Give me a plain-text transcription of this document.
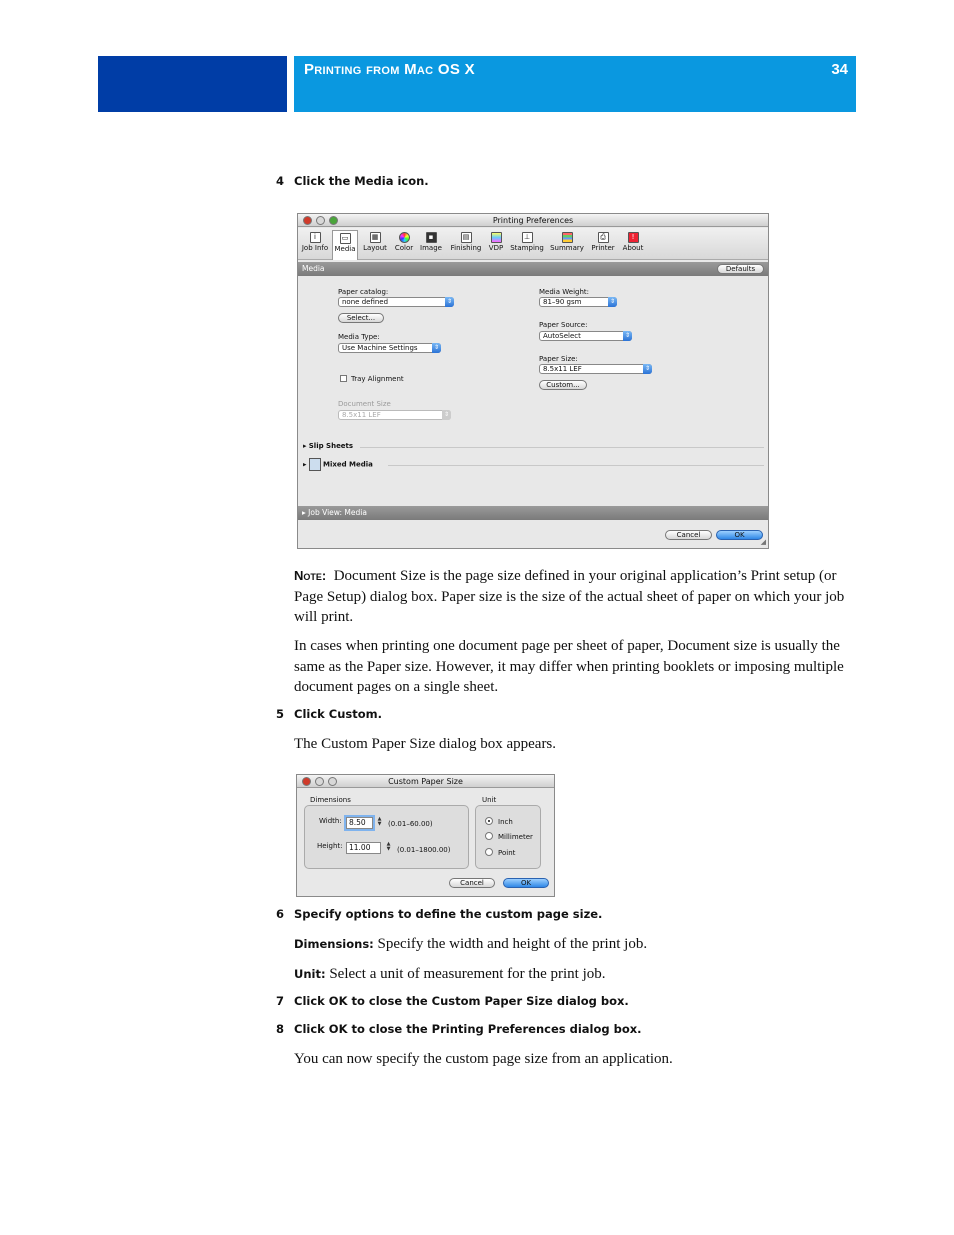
Printing from Mac OS X	34
4 Click the Media icon.
Printing Preferences
i
Job Info
▭
Media
▦
Layout	Color
▪
Image
▤
Finishing	VDP
⊥
Stamping Summary
⎙
Printer
!
About
Media	Defaults
Paper catalog:
none defined	⇕
Select...
Media Type:
Use Machine Settings	⇕
Tray Alignment
Document Size
8.5x11 LEF	⇕
Media Weight:
81–90 gsm	⇕
Paper Source:
AutoSelect	⇕
Paper Size:
8.5x11 LEF	⇕
Custom...
▸ Slip Sheets
▸  Mixed Media
▸ Job View: Media
Cancel	OK
◢
Note: Document Size is the page size defined in your original application’s Print setup (or Page Setup) dialog box. Paper size is the size of the actual sheet of paper on which your job will print.
In cases when printing one document page per sheet of paper, Document size is usually the same as the Paper size. However, it may differ when printing booklets or imposing multiple document pages on a single sheet.
5 Click Custom.
The Custom Paper Size dialog box appears.
Custom Paper Size
Dimensions
Width: 8.50	▲
▼ (0.01–60.00)
Height: 11.00	▲
▼ (0.01–1800.00)
Unit
Inch
Millimeter
Point
Cancel	OK
6 Specify options to define the custom page size.
Dimensions: Specify the width and height of the print job.
Unit: Select a unit of measurement for the print job.
7 Click OK to close the Custom Paper Size dialog box.
8 Click OK to close the Printing Preferences dialog box.
You can now specify the custom page size from an application.
